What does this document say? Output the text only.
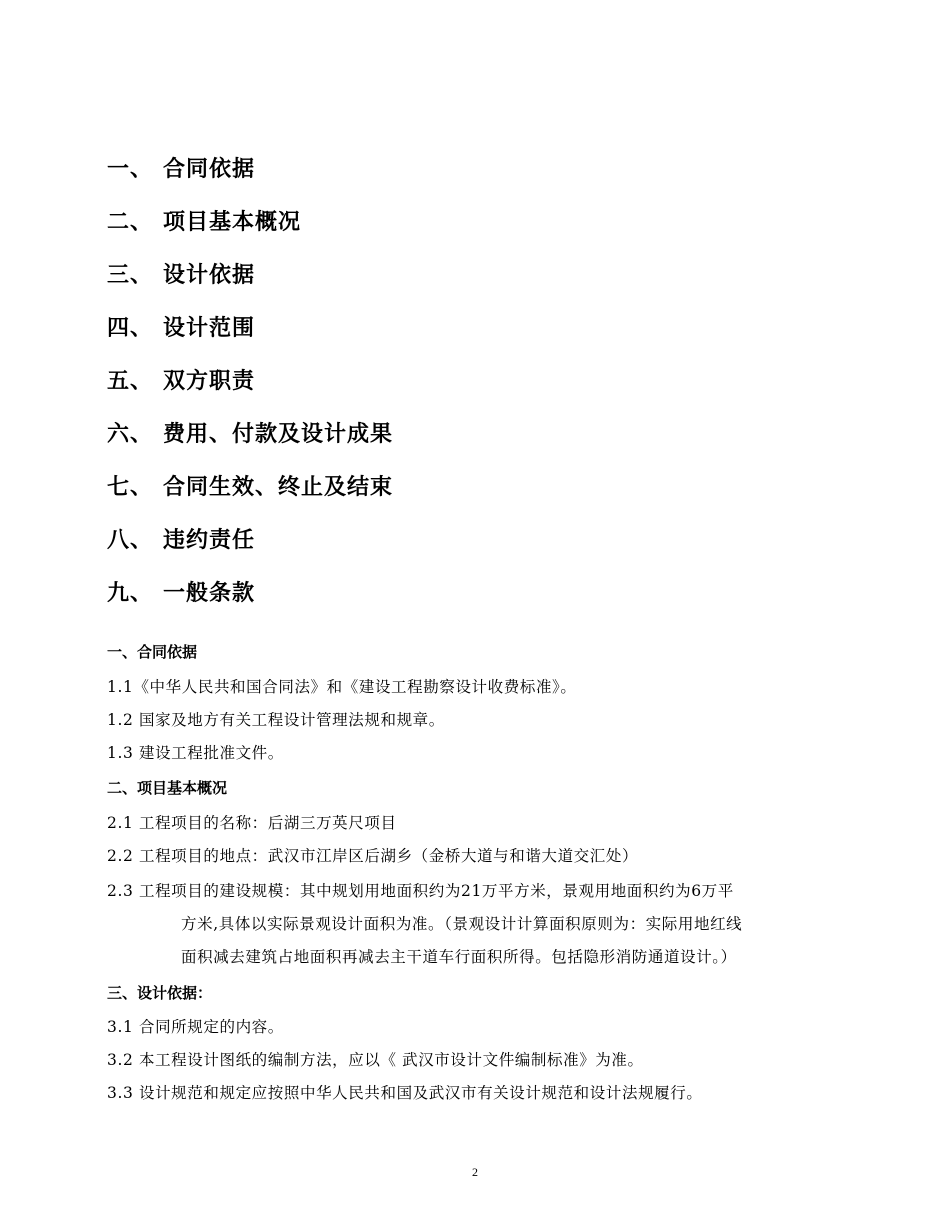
一、 合同依据
二、 项目基本概况
三、 设计依据
四、 设计范围
五、 双方职责
六、 费用、付款及设计成果
七、 合同生效、终止及结束
八、 违约责任
九、 一般条款
一、合同依据
1.1《中华人民共和国合同法》和《建设工程勘察设计收费标准》。
1.2 国家及地方有关工程设计管理法规和规章。
1.3 建设工程批准文件。
二、项目基本概况
2.1 工程项目的名称：后湖三万英尺项目
2.2 工程项目的地点：武汉市江岸区后湖乡（金桥大道与和谐大道交汇处）
2.3 工程项目的建设规模：其中规划用地面积约为21万平方米，景观用地面积约为6万平
方米,具体以实际景观设计面积为准。（景观设计计算面积原则为：实际用地红线
面积减去建筑占地面积再减去主干道车行面积所得。包括隐形消防通道设计。）
三、设计依据：
3.1 合同所规定的内容。
3.2 本工程设计图纸的编制方法，应以《 武汉市设计文件编制标准》为准。
3.3 设计规范和规定应按照中华人民共和国及武汉市有关设计规范和设计法规履行。
2
